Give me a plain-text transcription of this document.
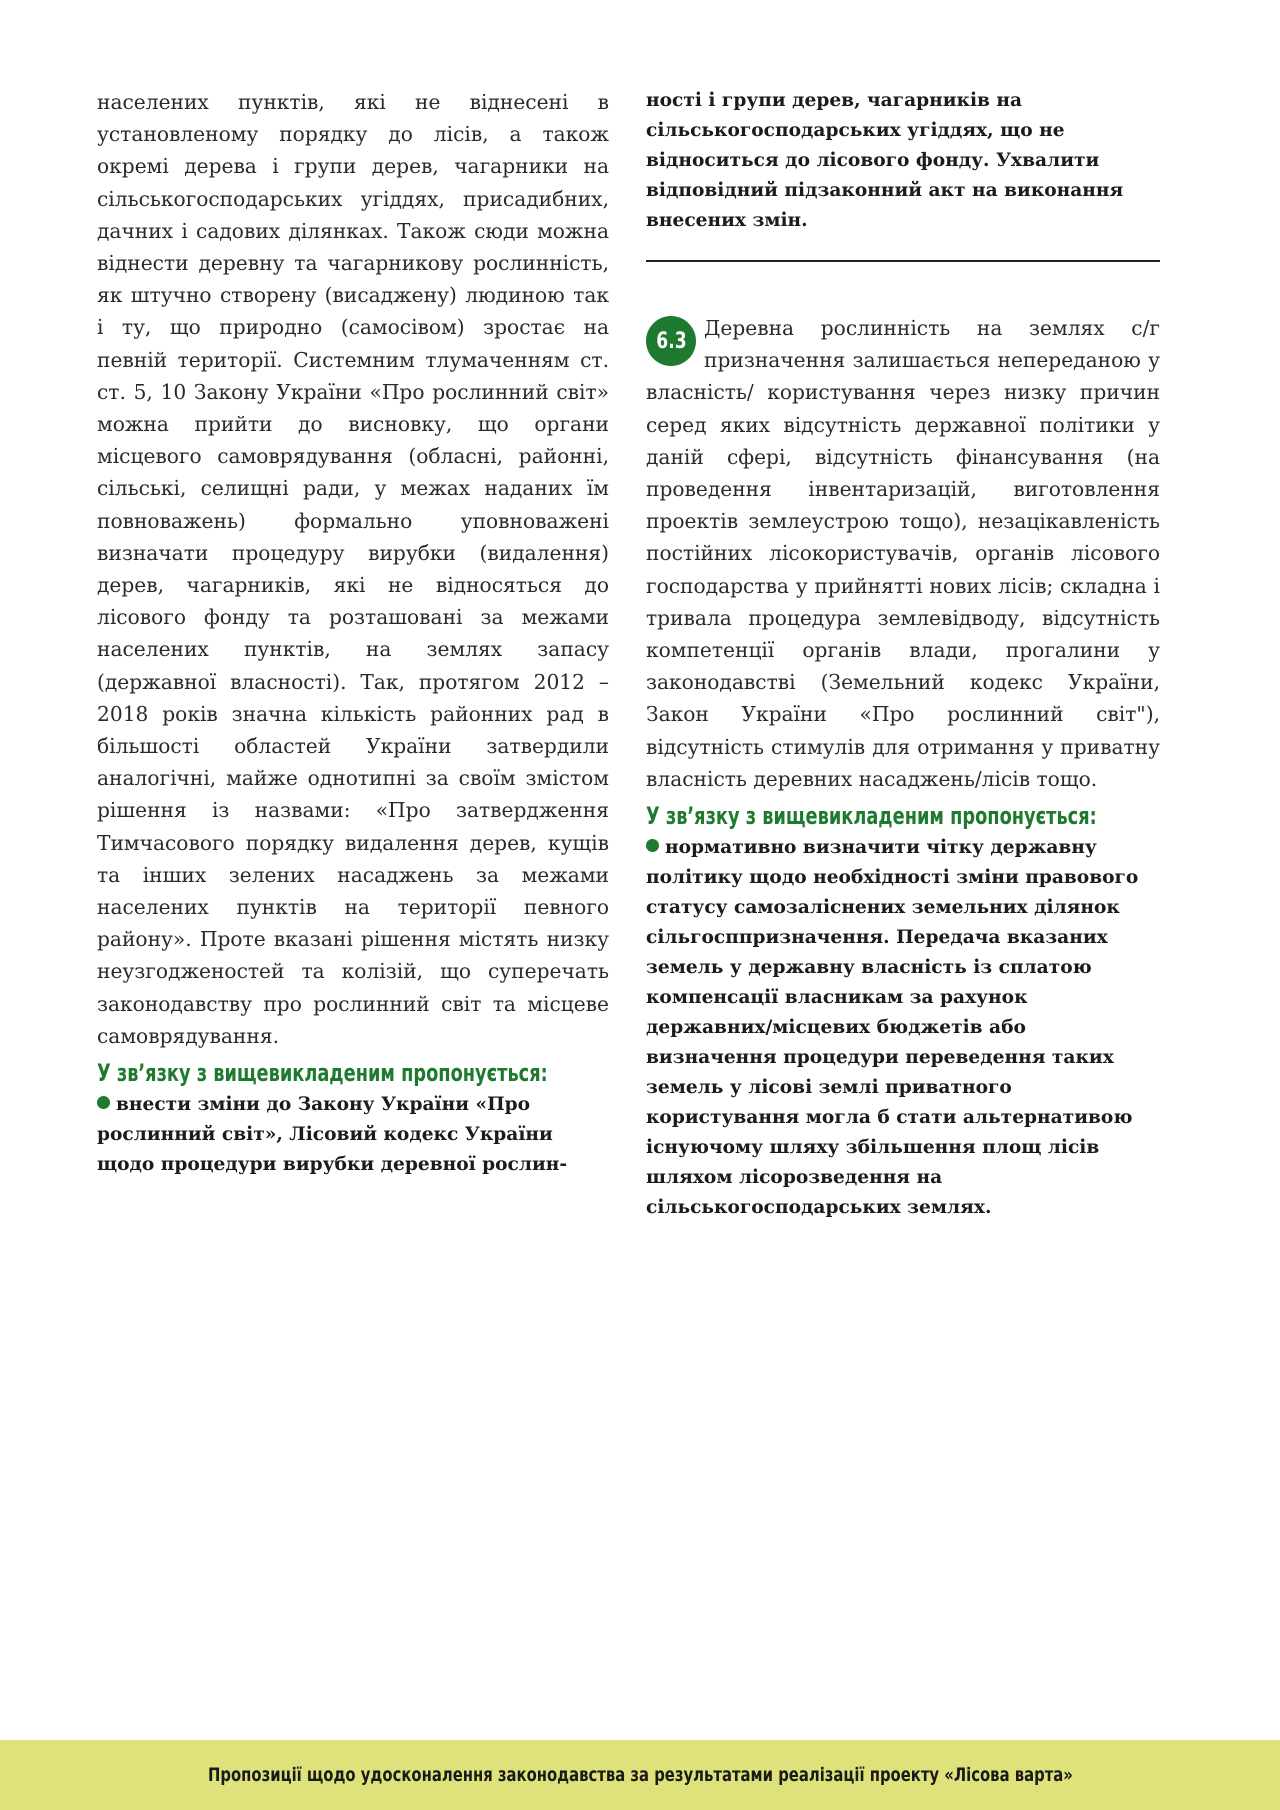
населених пунктів, які не віднесені в установленому порядку до лісів, а також окремі дерева і групи дерев, чагарники на сільськогосподарських угіддях, присадибних, дачних і садових ділянках. Також сюди можна віднести деревну та чагарникову рослинність, як штучно створену (висаджену) людиною так і ту, що природно (самосівом) зростає на певній території. Системним тлумаченням ст. ст. 5, 10 Закону України «Про рослинний світ» можна прийти до висновку, що органи місцевого самоврядування (обласні, районні, сільські, селищні ради, у межах наданих їм повноважень) формально уповноважені визначати процедуру вирубки (видалення) дерев, чагарників, які не відносяться до лісового фонду та розташовані за межами населених пунктів, на землях запасу (державної власності). Так, протягом 2012 – 2018 років значна кількість районних рад в більшості областей України затвердили аналогічні, майже однотипні за своїм змістом рішення із назвами: «Про затвердження Тимчасового порядку видалення дерев, кущів та інших зелених насаджень за межами населених пунктів на території певного району». Проте вказані рішення містять низку неузгодженостей та колізій, що суперечать законодавству про рослинний світ та місцеве самоврядування.

У звʼязку з вищевикладеним пропонується:

внести зміни до Закону України «Про рослинний світ», Лісовий кодекс України щодо процедури вирубки деревної рослин-

ності і групи дерев, чагарників на сільськогосподарських угіддях, що не відноситься до лісового фонду. Ухвалити відповідний підзаконний акт на виконання внесених змін.

6.3

Деревна рослинність на землях с/г призначення залишається непереданою у власність/ користування через низку причин серед яких відсутність державної політики у даній сфері, відсутність фінансування (на проведення інвентаризацій, виготовлення проектів землеустрою тощо), незацікавленість постійних лісокористувачів, органів лісового господарства у прийнятті нових лісів; складна і тривала процедура землевідводу, відсутність компетенції органів влади, прогалини у законодавстві (Земельний кодекс України, Закон України «Про рослинний світ"), відсутність стимулів для отримання у приватну власність деревних насаджень/лісів тощо.

У звʼязку з вищевикладеним пропонується:

нормативно визначити чітку державну політику щодо необхідності зміни правового статусу самозаліснених земельних ділянок сільгосппризначення. Передача вказаних земель у державну власність із сплатою компенсації власникам за рахунок державних/місцевих бюджетів або визначення процедури переведення таких земель у лісові землі приватного користування могла б стати альтернативою існуючому шляху збільшення площ лісів шляхом лісорозведення на сільськогосподарських землях.

Пропозиції щодо удосконалення законодавства за результатами реалізації проекту «Лісова варта»
